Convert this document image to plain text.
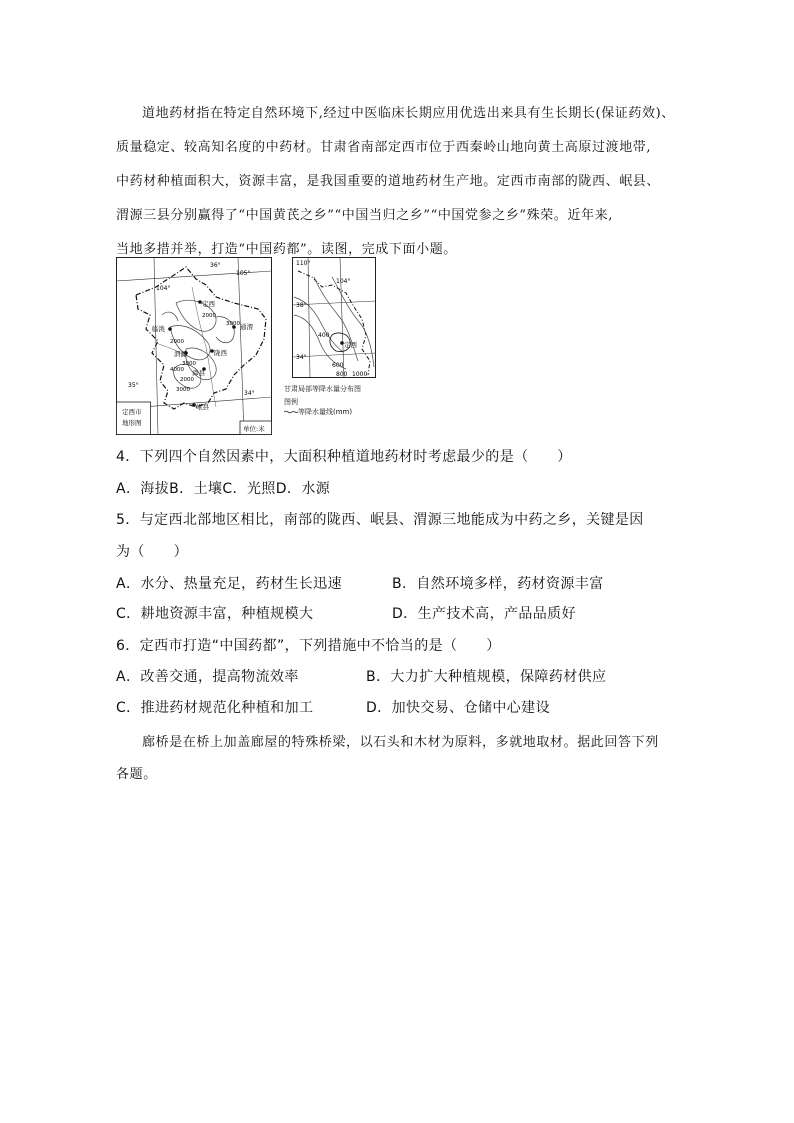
道地药材指在特定自然环境下,经过中医临床长期应用优选出来具有生长期长(保证药效)、
质量稳定、较高知名度的中药材。甘肃省南部定西市位于西秦岭山地向黄土高原过渡地带,
中药材种植面积大，资源丰富，是我国重要的道地药材生产地。定西市南部的陇西、岷县、
渭源三县分别赢得了“中国黄芪之乡”“中国当归之乡”“中国党参之乡”殊荣。近年来,
当地多措并举，打造“中国药都”。读图，完成下面小题。
36°
104°
105°
35°
34°
定西
2000
3000 通渭
临洮
2000
陇西
渭源
3000
4000 漳县
2000
3000
岷县
定西市
地形图
单位:米
110°
104°
38°
400
34°
定西
600
800 1000
甘肃局部等降水量分布图
图例
等降水量线(mm)
4．下列四个自然因素中，大面积种植道地药材时考虑最少的是（　　）
A．海拔B．土壤C．光照D．水源
5．与定西北部地区相比，南部的陇西、岷县、渭源三地能成为中药之乡，关键是因
为（　　）
A．水分、热量充足，药材生长迅速	B．自然环境多样，药材资源丰富
C．耕地资源丰富，种植规模大	D．生产技术高，产品品质好
6．定西市打造“中国药都”，下列措施中不恰当的是（　　）
A．改善交通，提高物流效率	B．大力扩大种植规模，保障药材供应
C．推进药材规范化种植和加工	D．加快交易、仓储中心建设
廊桥是在桥上加盖廊屋的特殊桥梁，以石头和木材为原料，多就地取材。据此回答下列
各题。
